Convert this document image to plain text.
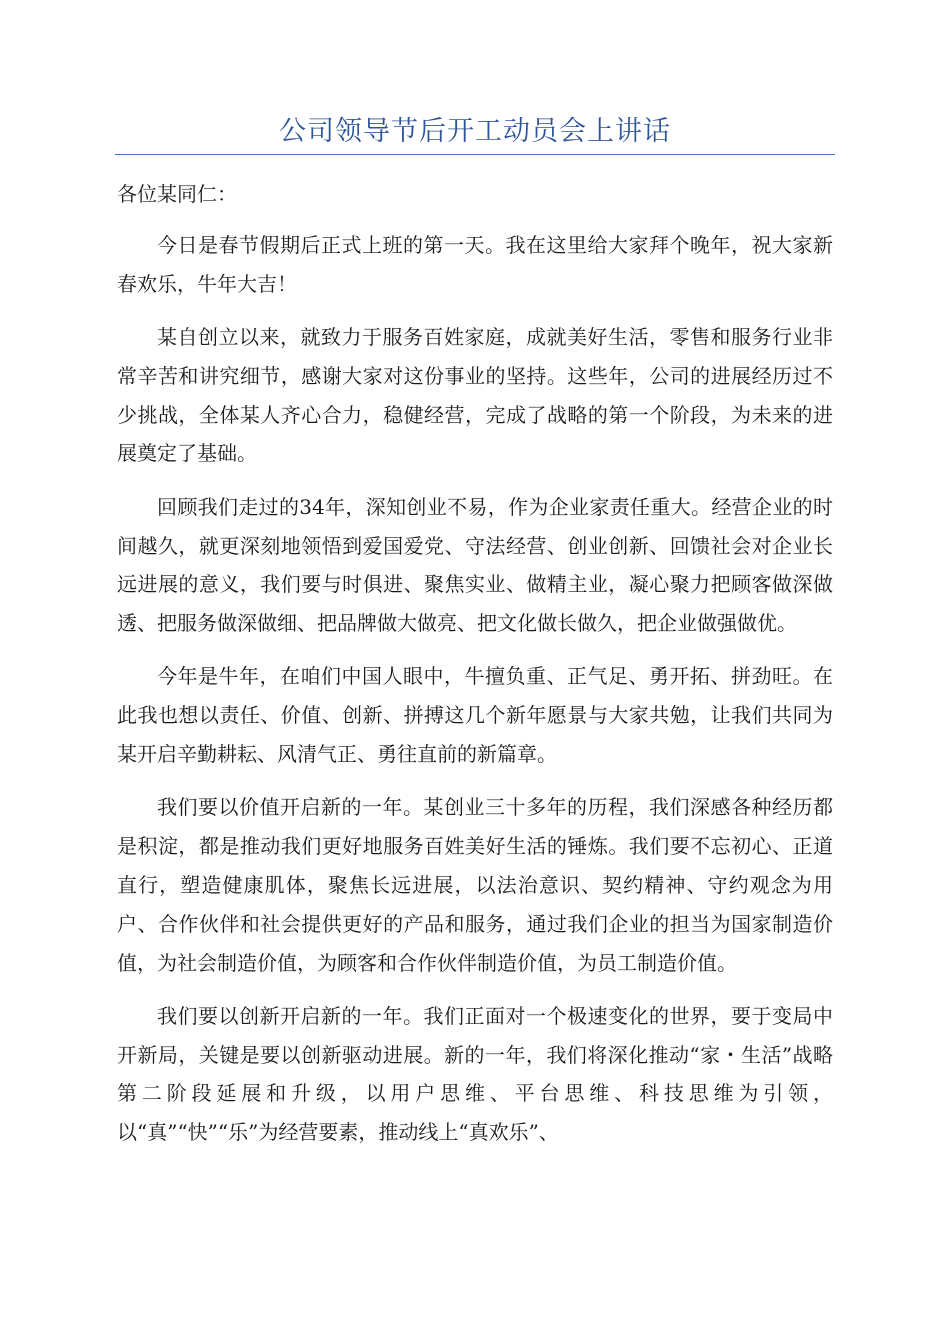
公司领导节后开工动员会上讲话

各位某同仁：

今日是春节假期后正式上班的第一天。我在这里给大家拜个晚年，祝大家新春欢乐，牛年大吉！

某自创立以来，就致力于服务百姓家庭，成就美好生活，零售和服务行业非常辛苦和讲究细节，感谢大家对这份事业的坚持。这些年，公司的进展经历过不少挑战，全体某人齐心合力，稳健经营，完成了战略的第一个阶段，为未来的进展奠定了基础。

回顾我们走过的34年，深知创业不易，作为企业家责任重大。经营企业的时间越久，就更深刻地领悟到爱国爱党、守法经营、创业创新、回馈社会对企业长远进展的意义，我们要与时俱进、聚焦实业、做精主业，凝心聚力把顾客做深做透、把服务做深做细、把品牌做大做亮、把文化做长做久，把企业做强做优。

今年是牛年，在咱们中国人眼中，牛擅负重、正气足、勇开拓、拼劲旺。在此我也想以责任、价值、创新、拼搏这几个新年愿景与大家共勉，让我们共同为某开启辛勤耕耘、风清气正、勇往直前的新篇章。

我们要以价值开启新的一年。某创业三十多年的历程，我们深感各种经历都是积淀，都是推动我们更好地服务百姓美好生活的锤炼。我们要不忘初心、正道直行，塑造健康肌体，聚焦长远进展，以法治意识、契约精神、守约观念为用户、合作伙伴和社会提供更好的产品和服务，通过我们企业的担当为国家制造价值，为社会制造价值，为顾客和合作伙伴制造价值，为员工制造价值。

我们要以创新开启新的一年。我们正面对一个极速变化的世界，要于变局中开新局，关键是要以创新驱动进展。新的一年，我们将深化推动“家・生活”战略第二阶段延展和升级，以用户思维、平台思维、科技思维为引领，以“真”“快”“乐”为经营要素，推动线上“真欢乐”、
